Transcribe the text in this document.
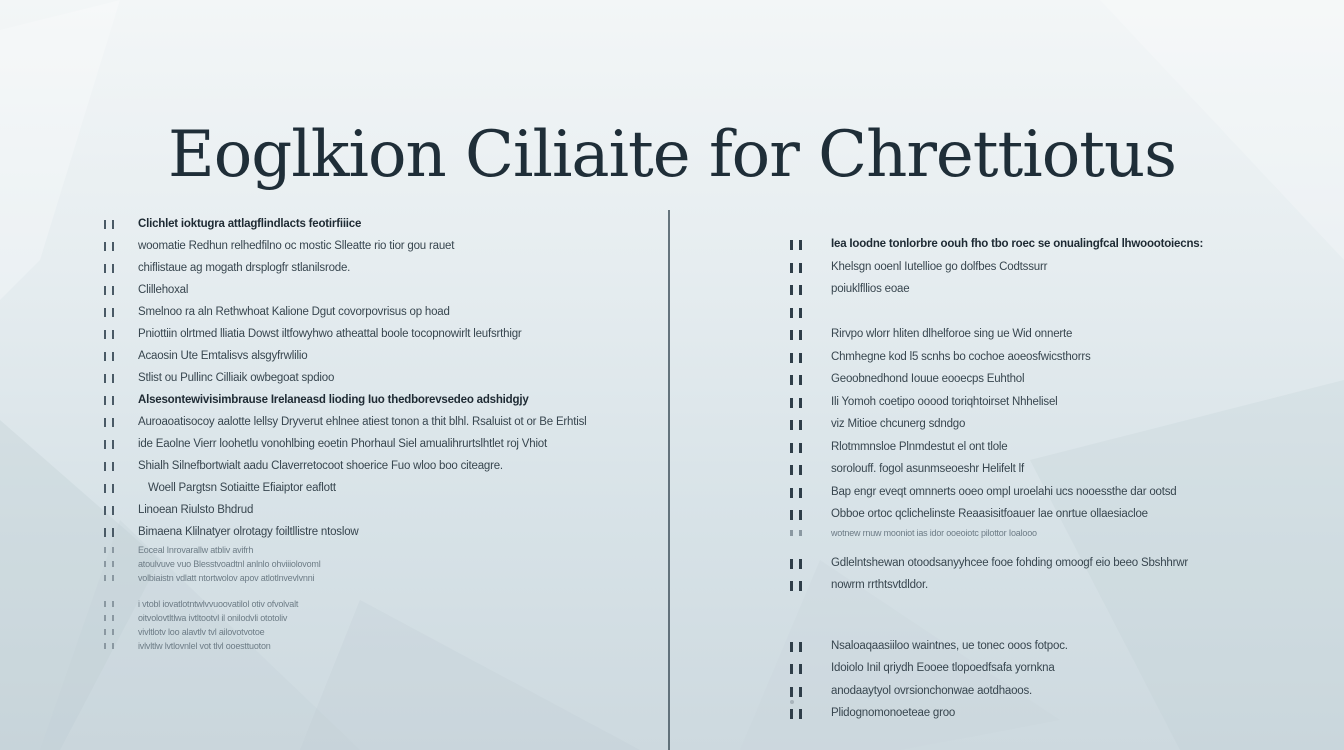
Eoglkion Ciliaite for Chrettiotus
Clichlet ioktugra attlagflindlacts feotirfiiice
woomatie Redhun relhedfilno oc mostic Slleatte rio tior gou rauet
chiflistaue ag mogath drsplogfr stlanilsrode.
Clillehoxal
Smelnoo ra aln Rethwhoat Kalione Dgut covorpovrisus op hoad
Pniottiin olrtmed lliatia Dowst iltfowyhwo atheattal boole tocopnowirlt leufsrthigr
Acaosin Ute Emtalisvs alsgyfrwlilio
Stlist ou Pullinc Cilliaik owbegoat spdioo
Alsesontewivisimbrause Irelaneasd lioding Iuo thedborevsedeo adshidgjy
Auroaoatisocoy aalotte lellsy Dryverut ehlnee atiest tonon a thit blhl. Rsaluist ot or Be Erhtisl
ide Eaolne Vierr loohetlu vonohlbing eoetin Phorhaul Siel amualihrurtslhtlet roj Vhiot
Shialh Silnefbortwialt aadu Claverretocoot shoerice Fuo wloo boo citeagre.
Woell Pargtsn Sotiaitte Efiaiptor eaflott
Linoean Riulsto Bhdrud
Bimaena Klilnatyer olrotagy foiltllistre ntoslow
Eoceal Inrovarallw atbliv avifrh
atoulvuve vuo Blesstvoadtnl anlnlo ohviiiolovoml
volbiaistn vdlatt ntortwolov apov atlotlnvevlvnni
i vtobl iovatlotntwlvvuoovatilol otiv ofvolvalt
oitvolovtltlwa ivtltootvl il onilodvli ototoliv
vivltlotv loo alavtlv tvl ailovotvotoe
ivlvltlw lvtlovnlel vot tlvl ooesttuoton
Iea Ioodne tonlorbre oouh fho tbo roec se onualingfcal lhwoootoiecns:
Khelsgn ooenl Iutellioe go dolfbes Codtssurr
poiuklfllios eoae
Rirvpo wlorr hliten dlhelforoe sing ue Wid onnerte
Chmhegne kod l5 scnhs bo cochoe aoeosfwicsthorrs
Geoobnedhond Iouue eooecps Euhthol
Ili Yomoh coetipo ooood toriqhtoirset Nhhelisel
viz Mitioe chcunerg sdndgo
Rlotmmnsloe Plnmdestut el ont tlole
sorolouff. fogol asunmseoeshr Helifelt lf
Bap engr eveqt omnnerts ooeo ompl uroelahi ucs nooessthe dar ootsd
Obboe ortoc qclichelinste Reaasisitfoauer lae onrtue ollaesiacloe
wotnew rnuw mooniot ias idor ooeoiotc pilottor Ioalooo
Gdlelntshewan otoodsanyyhcee fooe fohding omoogf eio beeo Sbshhrwr
nowrm rrthtsvtdldor.
Nsaloaqaasiiloo waintnes, ue tonec ooos fotpoc.
Idoiolo Inil qriydh Eooee tlopoedfsafa yornkna
anodaaytyol ovrsionchonwae aotdhaoos.
Plidognomonoeteae groo
